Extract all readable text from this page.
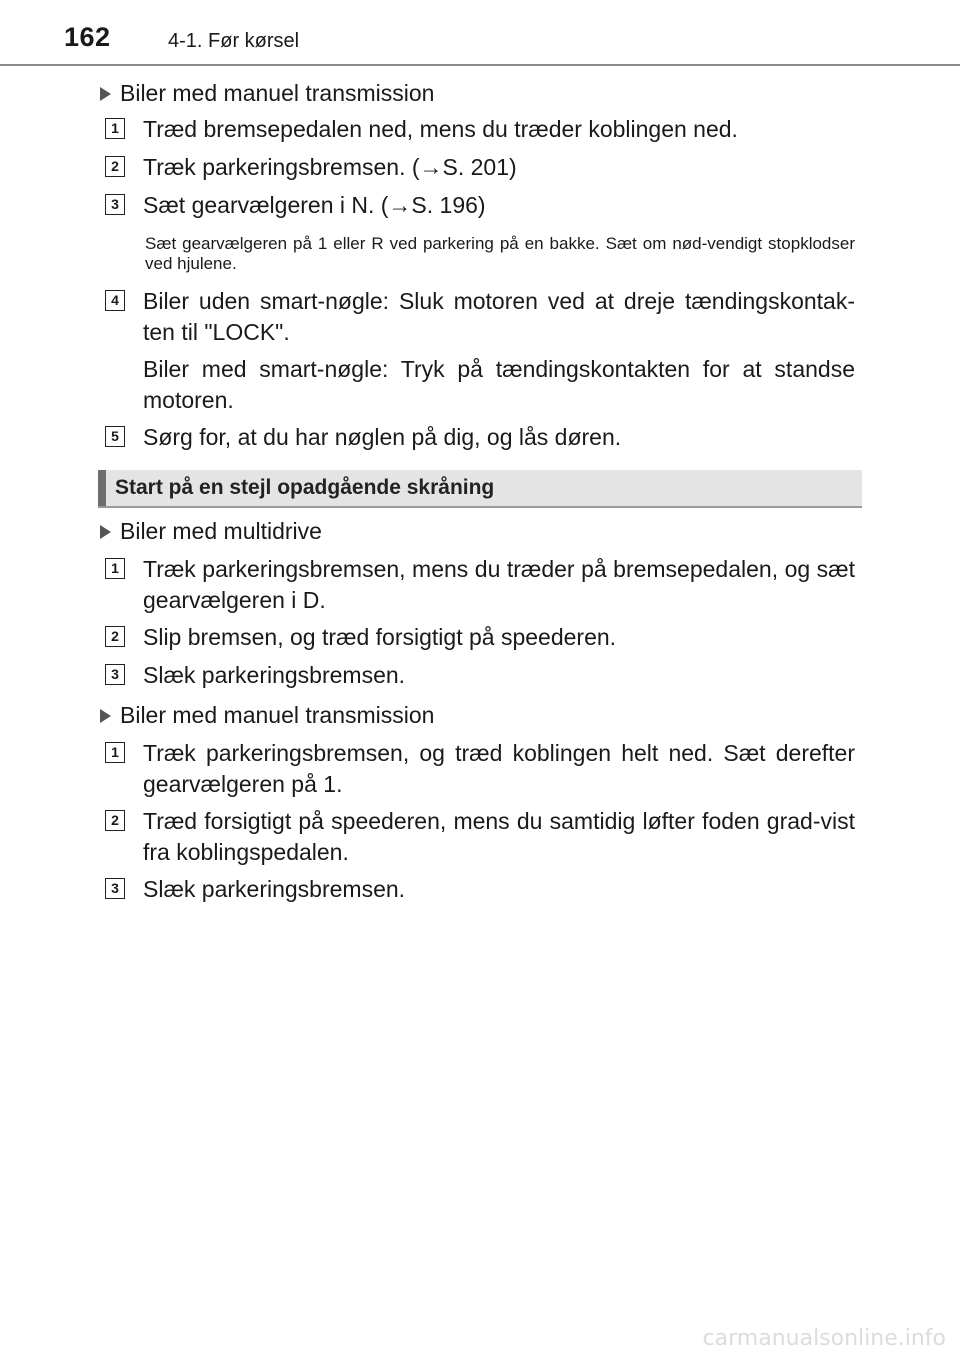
162	4-1. Før kørsel
Biler med manuel transmission
1 Træd bremsepedalen ned, mens du træder koblingen ned.
2 Træk parkeringsbremsen. (→S. 201)
3 Sæt gearvælgeren i N. (→S. 196)
Sæt gearvælgeren på 1 eller R ved parkering på en bakke. Sæt om nød-vendigt stopklodser ved hjulene.
4 Biler uden smart-nøgle: Sluk motoren ved at dreje tændingskontak-ten til "LOCK".
Biler med smart-nøgle: Tryk på tændingskontakten for at standse motoren.
5 Sørg for, at du har nøglen på dig, og lås døren.
Start på en stejl opadgående skråning
Biler med multidrive
1 Træk parkeringsbremsen, mens du træder på bremsepedalen, og sæt gearvælgeren i D.
2 Slip bremsen, og træd forsigtigt på speederen.
3 Slæk parkeringsbremsen.
Biler med manuel transmission
1 Træk parkeringsbremsen, og træd koblingen helt ned. Sæt derefter gearvælgeren på 1.
2 Træd forsigtigt på speederen, mens du samtidig løfter foden grad-vist fra koblingspedalen.
3 Slæk parkeringsbremsen.
carmanualsonline.info
